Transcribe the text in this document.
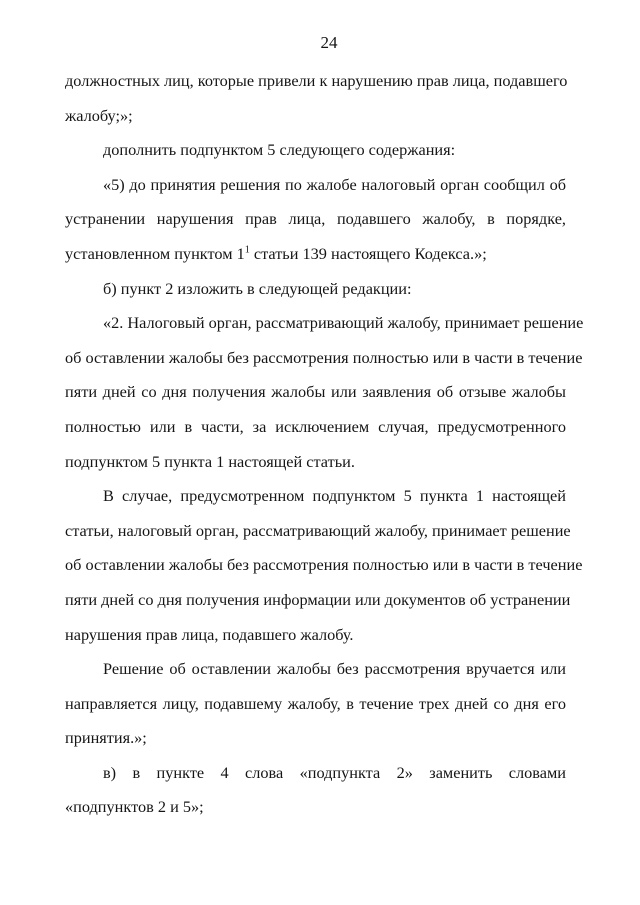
24

должностных лиц, которые привели к нарушению прав лица, подавшего
жалобу;»;

дополнить подпунктом 5 следующего содержания:

«5) до принятия решения по жалобе налоговый орган сообщил об
устранении нарушения прав лица, подавшего жалобу, в порядке,
установленном пунктом $1^1$ статьи 139 настоящего Кодекса.»;

б) пункт 2 изложить в следующей редакции:

«2. Налоговый орган, рассматривающий жалобу, принимает решение
об оставлении жалобы без рассмотрения полностью или в части в течение
пяти дней со дня получения жалобы или заявления об отзыве жалобы
полностью или в части, за исключением случая, предусмотренного
подпунктом 5 пункта 1 настоящей статьи.

В случае, предусмотренном подпунктом 5 пункта 1 настоящей
статьи, налоговый орган, рассматривающий жалобу, принимает решение
об оставлении жалобы без рассмотрения полностью или в части в течение
пяти дней со дня получения информации или документов об устранении
нарушения прав лица, подавшего жалобу.

Решение об оставлении жалобы без рассмотрения вручается или
направляется лицу, подавшему жалобу, в течение трех дней со дня его
принятия.»;

в) в пункте 4 слова «подпункта 2» заменить словами
«подпунктов 2 и 5»;
